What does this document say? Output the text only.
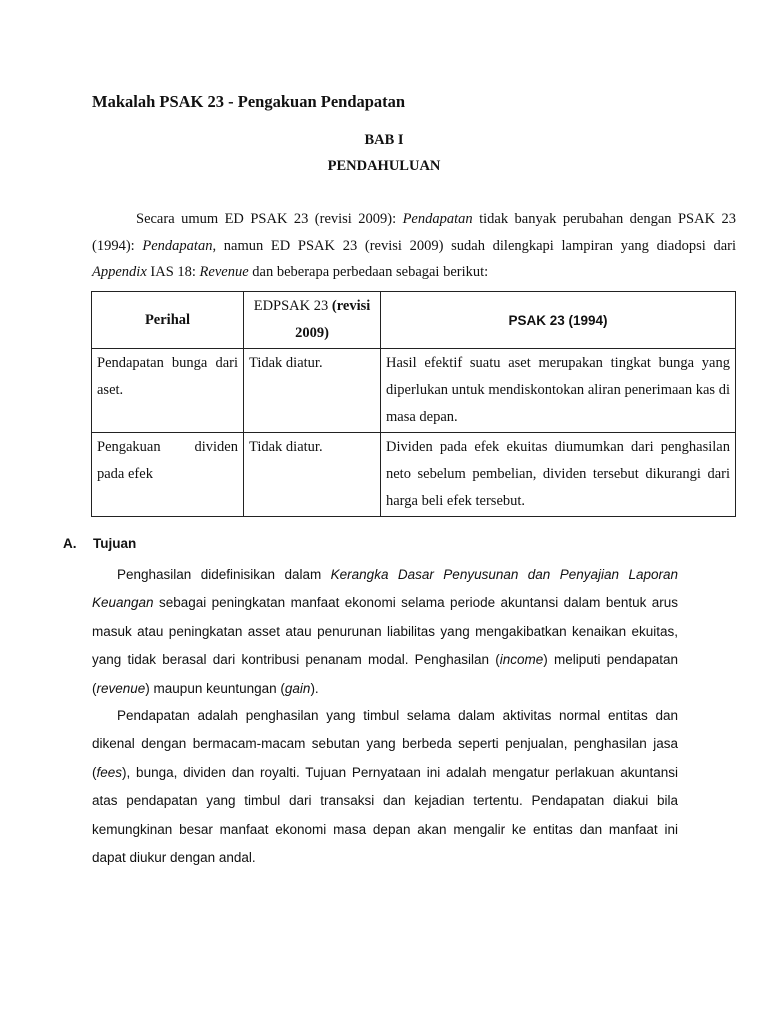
Makalah PSAK 23 - Pengakuan Pendapatan
BAB I
PENDAHULUAN

Secara umum ED PSAK 23 (revisi 2009): Pendapatan tidak banyak perubahan dengan PSAK 23 (1994): Pendapatan, namun ED PSAK 23 (revisi 2009) sudah dilengkapi lampiran yang diadopsi dari Appendix IAS 18: Revenue dan beberapa perbedaan sebagai berikut:

Perihal	EDPSAK 23 (revisi 2009)	PSAK 23 (1994)
Pendapatan bunga dari aset.	Tidak diatur.	Hasil efektif suatu aset merupakan tingkat bunga yang diperlukan untuk mendiskontokan aliran penerimaan kas di masa depan.
Pengakuan dividen pada efek	Tidak diatur.	Dividen pada efek ekuitas diumumkan dari penghasilan neto sebelum pembelian, dividen tersebut dikurangi dari harga beli efek tersebut.
A. Tujuan

Penghasilan didefinisikan dalam Kerangka Dasar Penyusunan dan Penyajian Laporan Keuangan sebagai peningkatan manfaat ekonomi selama periode akuntansi dalam bentuk arus masuk atau peningkatan asset atau penurunan liabilitas yang mengakibatkan kenaikan ekuitas, yang tidak berasal dari kontribusi penanam modal. Penghasilan (income) meliputi pendapatan (revenue) maupun keuntungan (gain).

Pendapatan adalah penghasilan yang timbul selama dalam aktivitas normal entitas dan dikenal dengan bermacam-macam sebutan yang berbeda seperti penjualan, penghasilan jasa (fees), bunga, dividen dan royalti. Tujuan Pernyataan ini adalah mengatur perlakuan akuntansi atas pendapatan yang timbul dari transaksi dan kejadian tertentu. Pendapatan diakui bila kemungkinan besar manfaat ekonomi masa depan akan mengalir ke entitas dan manfaat ini dapat diukur dengan andal.
